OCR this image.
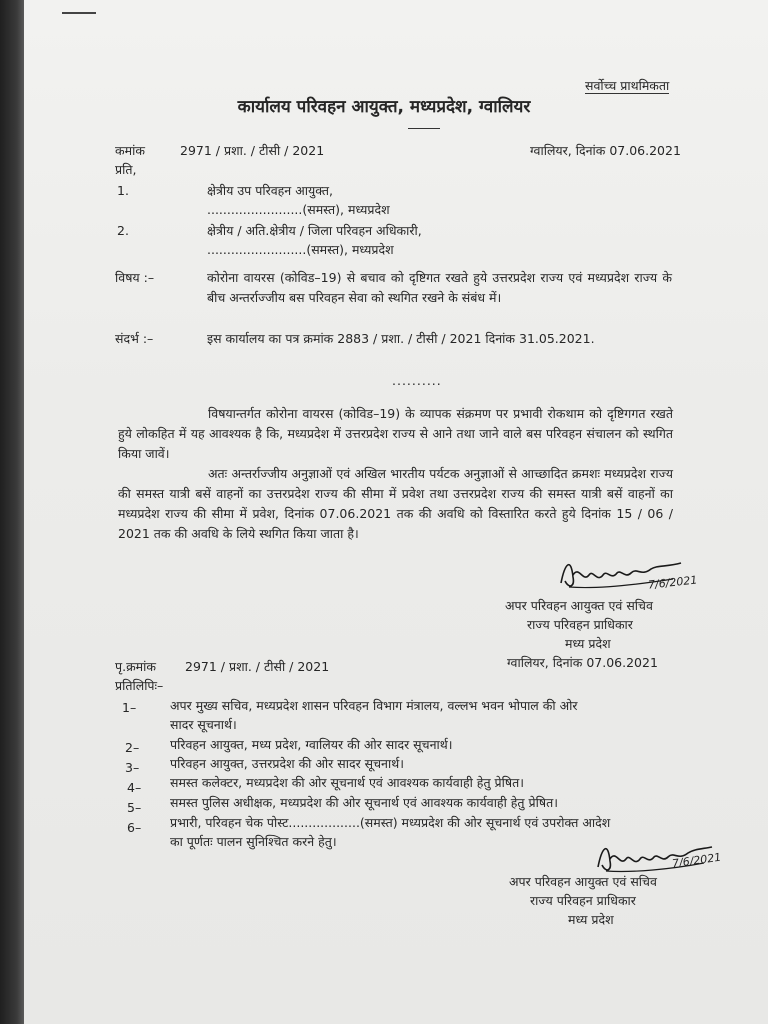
सर्वोच्च प्राथमिकता
कार्यालय परिवहन आयुक्त, मध्यप्रदेश, ग्वालियर
कमांक	2971 / प्रशा. / टीसी / 2021	ग्वालियर, दिनांक 07.06.2021
प्रति,
1.	क्षेत्रीय उप परिवहन आयुक्त,
........................(समस्त), मध्यप्रदेश
2.	क्षेत्रीय / अति.क्षेत्रीय / जिला परिवहन अधिकारी,
.........................(समस्त), मध्यप्रदेश
विषय :–	कोरोना वायरस (कोविड–19) से बचाव को दृष्टिगत रखते हुये उत्तरप्रदेश राज्य एवं मध्यप्रदेश राज्य के बीच अन्तर्राज्जीय बस परिवहन सेवा को स्थगित रखने के संबंध में।
संदर्भ :–	इस कार्यालय का पत्र क्रमांक 2883 / प्रशा. / टीसी / 2021 दिनांक 31.05.2021.
..........
विषयान्तर्गत कोरोना वायरस (कोविड–19) के व्यापक संक्रमण पर प्रभावी रोकथाम को दृष्टिगगत रखते हुये लोकहित में यह आवश्यक है कि, मध्यप्रदेश में उत्तरप्रदेश राज्य से आने तथा जाने वाले बस परिवहन संचालन को स्थगित किया जावें।
अतः अन्तर्राज्जीय अनुज्ञाओं एवं अखिल भारतीय पर्यटक अनुज्ञाओं से आच्छादित क्रमशः मध्यप्रदेश राज्य की समस्त यात्री बसें वाहनों का उत्तरप्रदेश राज्य की सीमा में प्रवेश तथा उत्तरप्रदेश राज्य की समस्त यात्री बसें वाहनों का मध्यप्रदेश राज्य की सीमा में प्रवेश, दिनांक 07.06.2021 तक की अवधि को विस्तारित करते हुये दिनांक 15 / 06 / 2021 तक की अवधि के लिये स्थगित किया जाता है।
7/6/2021
अपर परिवहन आयुक्त एवं सचिव
राज्य परिवहन प्राधिकार
मध्य प्रदेश
पृ.क्रमांक 2971 / प्रशा. / टीसी / 2021	ग्वालियर, दिनांक 07.06.2021
प्रतिलिपिः–
1–	अपर मुख्य सचिव, मध्यप्रदेश शासन परिवहन विभाग मंत्रालय, वल्लभ भवन भोपाल की ओर
सादर सूचनार्थ।
2– परिवहन आयुक्त, मध्य प्रदेश, ग्वालियर की ओर सादर सूचनार्थ।
3– परिवहन आयुक्त, उत्तरप्रदेश की ओर सादर सूचनार्थ।
4– समस्त कलेक्टर, मध्यप्रदेश की ओर सूचनार्थ एवं आवश्यक कार्यवाही हेतु प्रेषित।
5– समस्त पुलिस अधीक्षक, मध्यप्रदेश की ओर सूचनार्थ एवं आवश्यक कार्यवाही हेतु प्रेषित।
6– प्रभारी, परिवहन चेक पोस्ट..................(समस्त) मध्यप्रदेश की ओर सूचनार्थ एवं उपरोक्त आदेश
का पूर्णतः पालन सुनिश्चित करने हेतु।
7/6/2021
अपर परिवहन आयुक्त एवं सचिव
राज्य परिवहन प्राधिकार
मध्य प्रदेश
